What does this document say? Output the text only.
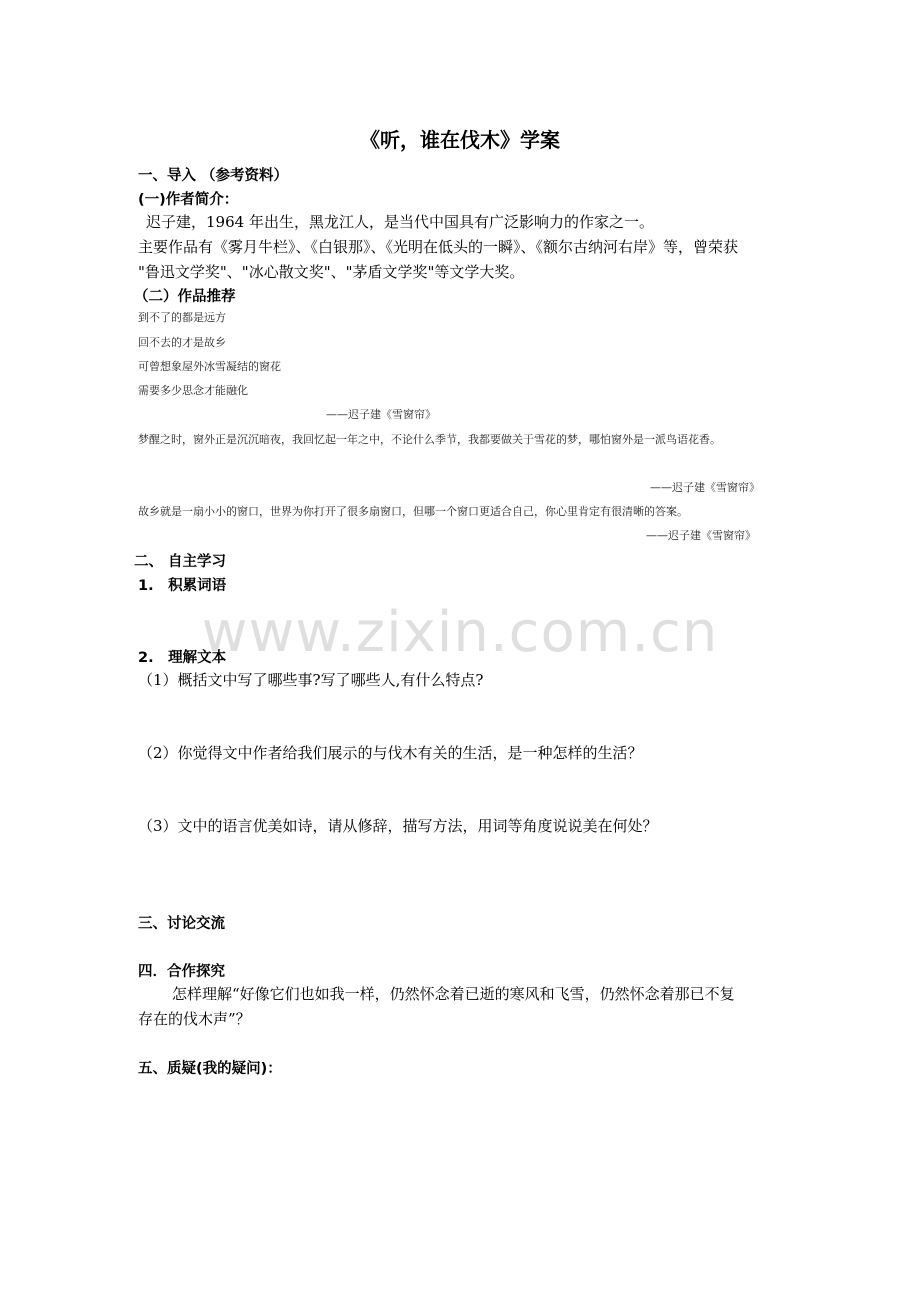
《听，谁在伐木》学案
一、导入 （参考资料）
(一)作者简介：
迟子建，1964 年出生，黑龙江人，是当代中国具有广泛影响力的作家之一。
主要作品有《雾月牛栏》、《白银那》、《光明在低头的一瞬》、《额尔古纳河右岸》等，曾荣获
"鲁迅文学奖"、"冰心散文奖"、"茅盾文学奖"等文学大奖。
（二）作品推荐
到不了的都是远方
回不去的才是故乡
可曾想象屋外冰雪凝结的窗花
需要多少思念才能融化
——迟子建《雪窗帘》
梦醒之时，窗外正是沉沉暗夜，我回忆起一年之中，不论什么季节，我都要做关于雪花的梦，哪怕窗外是一派鸟语花香。
——迟子建《雪窗帘》
故乡就是一扇小小的窗口，世界为你打开了很多扇窗口，但哪一个窗口更适合自己，你心里肯定有很清晰的答案。
——迟子建《雪窗帘》
二、 自主学习
1.　积累词语
www.zixin.com.cn
2.　理解文本
（1）概括文中写了哪些事?写了哪些人,有什么特点?
（2）你觉得文中作者给我们展示的与伐木有关的生活，是一种怎样的生活？
（3）文中的语言优美如诗，请从修辞，描写方法，用词等角度说说美在何处？
三、讨论交流
四．合作探究
怎样理解“好像它们也如我一样，仍然怀念着已逝的寒风和飞雪，仍然怀念着那已不复
存在的伐木声”？
五、质疑(我的疑问)：
